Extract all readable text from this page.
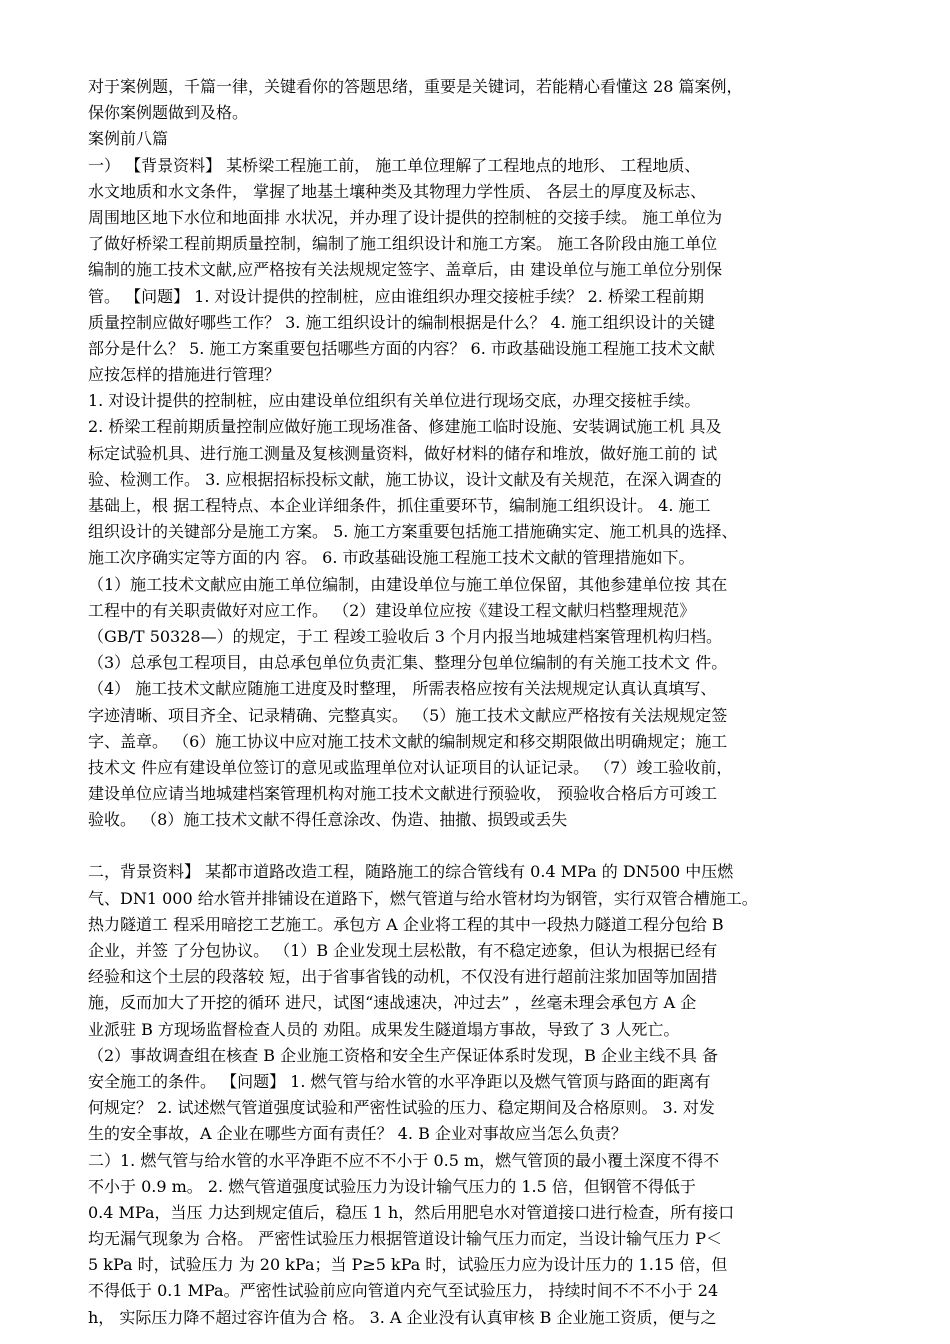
对于案例题，千篇一律，关键看你的答题思绪，重要是关键词，若能精心看懂这 28 篇案例，
保你案例题做到及格。
案例前八篇
一） 【背景资料】 某桥梁工程施工前， 施工单位理解了工程地点的地形、 工程地质、
水文地质和水文条件， 掌握了地基土壤种类及其物理力学性质、 各层土的厚度及标志、
周围地区地下水位和地面排 水状况，并办理了设计提供的控制桩的交接手续。 施工单位为
了做好桥梁工程前期质量控制，编制了施工组织设计和施工方案。 施工各阶段由施工单位
编制的施工技术文献,应严格按有关法规规定签字、盖章后，由 建设单位与施工单位分别保
管。 【问题】 1. 对设计提供的控制桩，应由谁组织办理交接桩手续？ 2. 桥梁工程前期
质量控制应做好哪些工作？ 3. 施工组织设计的编制根据是什么？ 4. 施工组织设计的关键
部分是什么？ 5. 施工方案重要包括哪些方面的内容？ 6. 市政基础设施工程施工技术文献
应按怎样的措施进行管理？
1. 对设计提供的控制桩，应由建设单位组织有关单位进行现场交底，办理交接桩手续。
2. 桥梁工程前期质量控制应做好施工现场准备、修建施工临时设施、安装调试施工机 具及
标定试验机具、进行施工测量及复核测量资料，做好材料的储存和堆放，做好施工前的 试
验、检测工作。 3. 应根据招标投标文献，施工协议，设计文献及有关规范，在深入调查的
基础上，根 据工程特点、本企业详细条件，抓住重要环节，编制施工组织设计。 4. 施工
组织设计的关键部分是施工方案。 5. 施工方案重要包括施工措施确实定、施工机具的选择、
施工次序确实定等方面的内 容。 6. 市政基础设施工程施工技术文献的管理措施如下。
（1）施工技术文献应由施工单位编制，由建设单位与施工单位保留，其他参建单位按 其在
工程中的有关职责做好对应工作。 （2）建设单位应按《建设工程文献归档整理规范》
（GB/T 50328—）的规定，于工 程竣工验收后 3 个月内报当地城建档案管理机构归档。
（3）总承包工程项目，由总承包单位负责汇集、整理分包单位编制的有关施工技术文 件。
（4） 施工技术文献应随施工进度及时整理， 所需表格应按有关法规规定认真认真填写、
字迹清晰、项目齐全、记录精确、完整真实。 （5）施工技术文献应严格按有关法规规定签
字、盖章。 （6）施工协议中应对施工技术文献的编制规定和移交期限做出明确规定；施工
技术文 件应有建设单位签订的意见或监理单位对认证项目的认证记录。 （7）竣工验收前，
建设单位应请当地城建档案管理机构对施工技术文献进行预验收， 预验收合格后方可竣工
验收。 （8）施工技术文献不得任意涂改、伪造、抽撤、损毁或丢失
二，背景资料】 某都市道路改造工程，随路施工的综合管线有 0.4 MPa 的 DN500 中压燃
气、DN1 000 给水管并排铺设在道路下，燃气管道与给水管材均为钢管，实行双管合槽施工。
热力隧道工 程采用暗挖工艺施工。承包方 A 企业将工程的其中一段热力隧道工程分包给 B
企业，并签 了分包协议。 （1）B 企业发现土层松散，有不稳定迹象，但认为根据已经有
经验和这个土层的段落较 短，出于省事省钱的动机，不仅没有进行超前注浆加固等加固措
施，反而加大了开挖的循环 进尺，试图“速战速决，冲过去” ，丝毫未理会承包方 A 企
业派驻 B 方现场监督检查人员的 劝阻。成果发生隧道塌方事故，导致了 3 人死亡。
（2）事故调查组在核查 B 企业施工资格和安全生产保证体系时发现，B 企业主线不具 备
安全施工的条件。 【问题】 1. 燃气管与给水管的水平净距以及燃气管顶与路面的距离有
何规定？ 2. 试述燃气管道强度试验和严密性试验的压力、稳定期间及合格原则。 3. 对发
生的安全事故，A 企业在哪些方面有责任？ 4. B 企业对事故应当怎么负责？
二）1. 燃气管与给水管的水平净距不应不不小于 0.5 m，燃气管顶的最小覆土深度不得不
不小于 0.9 m。 2. 燃气管道强度试验压力为设计输气压力的 1.5 倍，但钢管不得低于
0.4 MPa，当压 力达到规定值后，稳压 1 h，然后用肥皂水对管道接口进行检查，所有接口
均无漏气现象为 合格。 严密性试验压力根据管道设计输气压力而定，当设计输气压力 P＜
5 kPa 时，试验压力 为 20 kPa；当 P≥5 kPa 时，试验压力应为设计压力的 1.15 倍，但
不得低于 0.1 MPa。严密性试验前应向管道内充气至试验压力， 持续时间不不不小于 24
h， 实际压力降不超过容许值为合 格。 3. A 企业没有认真审核 B 企业施工资质，便与之
